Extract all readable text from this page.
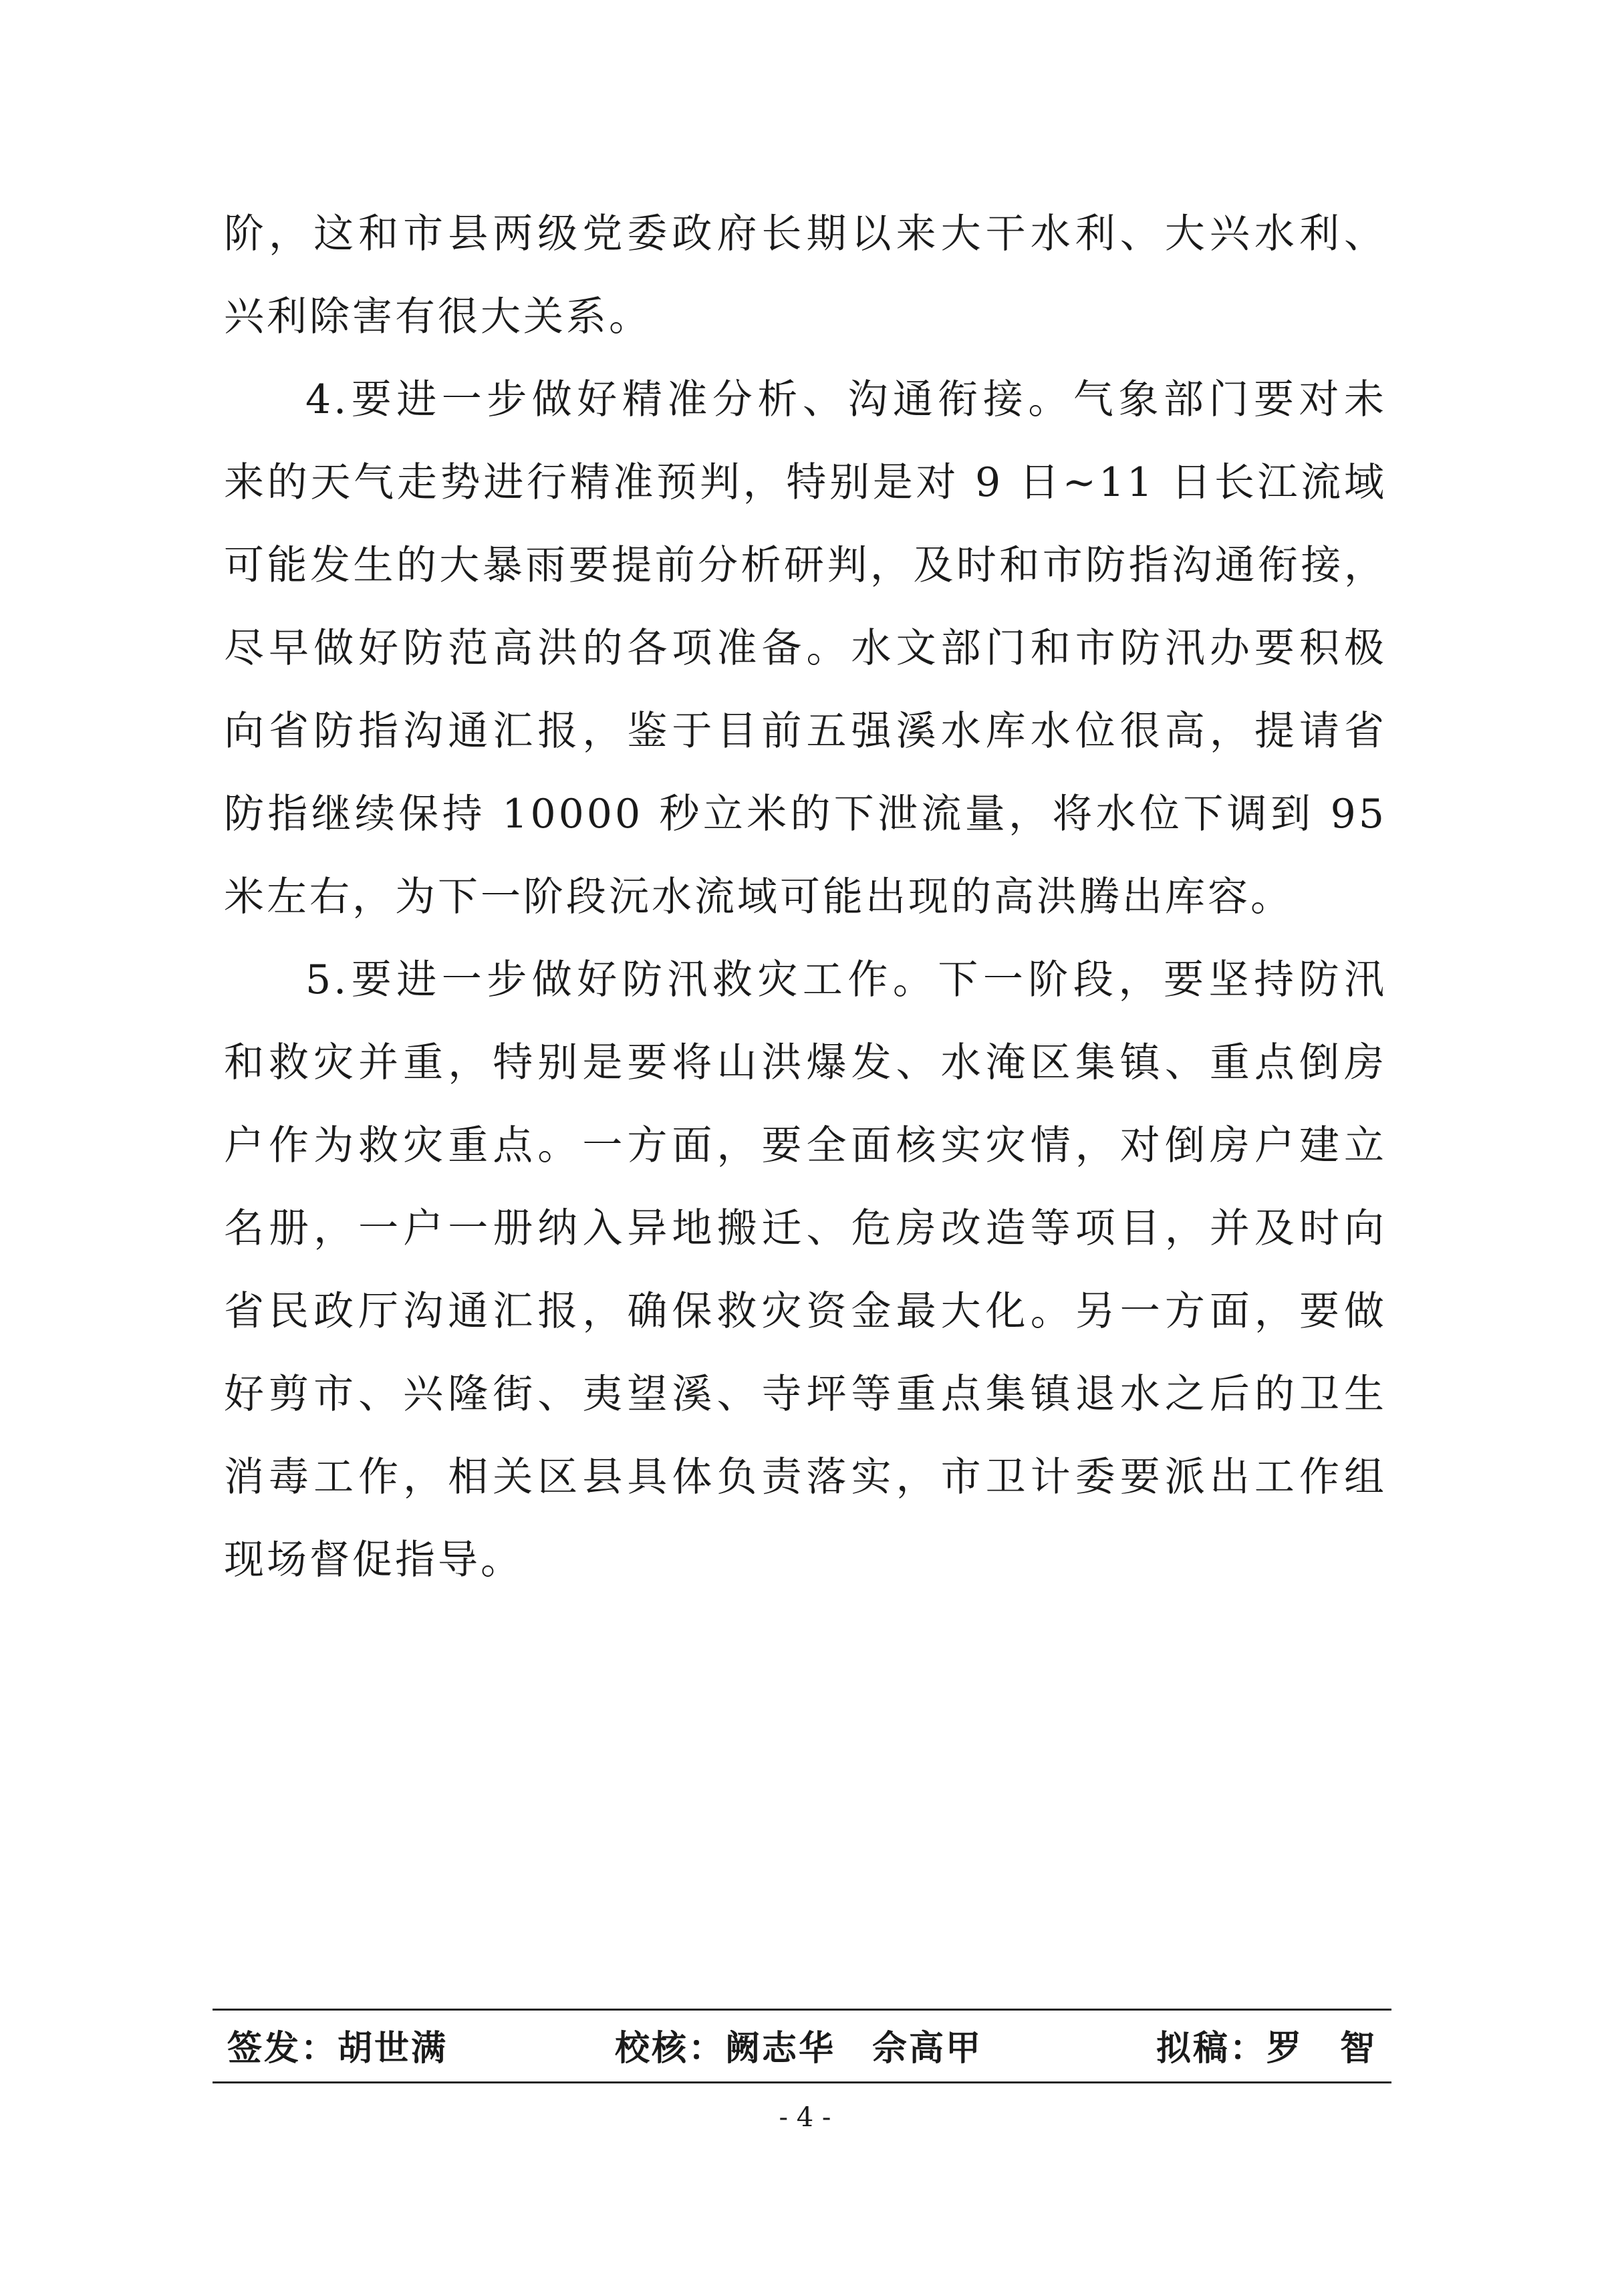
阶，这和市县两级党委政府长期以来大干水利、大兴水利、
兴利除害有很大关系。
4.要进一步做好精准分析、沟通衔接。气象部门要对未
来的天气走势进行精准预判，特别是对 9 日~11 日长江流域
可能发生的大暴雨要提前分析研判，及时和市防指沟通衔接，
尽早做好防范高洪的各项准备。水文部门和市防汛办要积极
向省防指沟通汇报，鉴于目前五强溪水库水位很高，提请省
防指继续保持 10000 秒立米的下泄流量，将水位下调到 95
米左右，为下一阶段沅水流域可能出现的高洪腾出库容。
5.要进一步做好防汛救灾工作。下一阶段，要坚持防汛
和救灾并重，特别是要将山洪爆发、水淹区集镇、重点倒房
户作为救灾重点。一方面，要全面核实灾情，对倒房户建立
名册，一户一册纳入异地搬迁、危房改造等项目，并及时向
省民政厅沟通汇报，确保救灾资金最大化。另一方面，要做
好剪市、兴隆街、夷望溪、寺坪等重点集镇退水之后的卫生
消毒工作，相关区县具体负责落实，市卫计委要派出工作组
现场督促指导。
签发：胡世满	校核：阙志华　佘高甲	拟稿：罗　智
- 4 -
